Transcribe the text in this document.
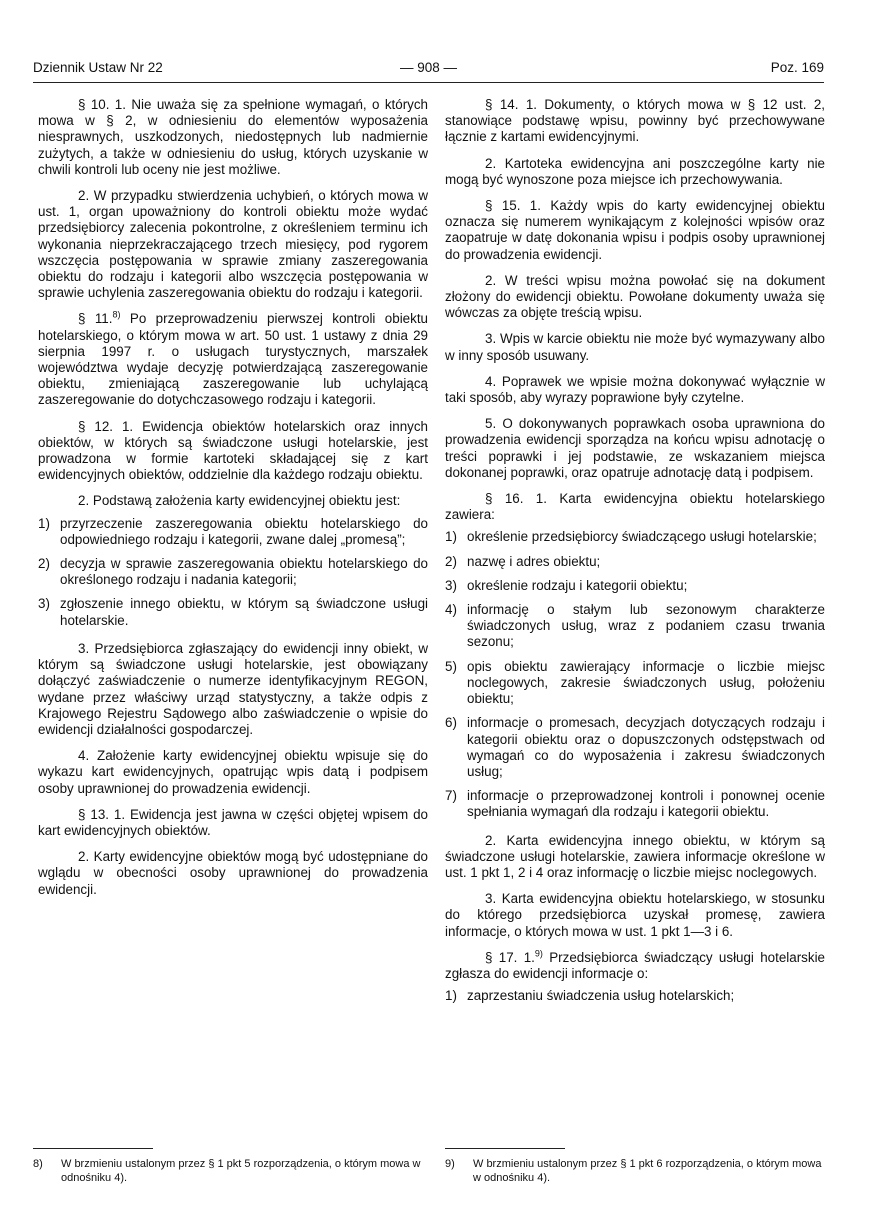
Dziennik Ustaw Nr 22	— 908 —	Poz. 169

§ 10. 1. Nie uważa się za spełnione wymagań, o których mowa w § 2, w odniesieniu do elementów wyposażenia niesprawnych, uszkodzonych, niedostępnych lub nadmiernie zużytych, a także w odniesieniu do usług, których uzyskanie w chwili kontroli lub oceny nie jest możliwe.

2. W przypadku stwierdzenia uchybień, o których mowa w ust. 1, organ upoważniony do kontroli obiektu może wydać przedsiębiorcy zalecenia pokontrolne, z określeniem terminu ich wykonania nieprzekraczającego trzech miesięcy, pod rygorem wszczęcia postępowania w sprawie zmiany zaszeregowania obiektu do rodzaju i kategorii albo wszczęcia postępowania w sprawie uchylenia zaszeregowania obiektu do rodzaju i kategorii.

§ 11.$^{8)}$ Po przeprowadzeniu pierwszej kontroli obiektu hotelarskiego, o którym mowa w art. 50 ust. 1 ustawy z dnia 29 sierpnia 1997 r. o usługach turystycznych, marszałek województwa wydaje decyzję potwierdzającą zaszeregowanie obiektu, zmieniającą zaszeregowanie lub uchylającą zaszeregowanie do dotychczasowego rodzaju i kategorii.

§ 12. 1. Ewidencja obiektów hotelarskich oraz innych obiektów, w których są świadczone usługi hotelarskie, jest prowadzona w formie kartoteki składającej się z kart ewidencyjnych obiektów, oddzielnie dla każdego rodzaju obiektu.

2. Podstawą założenia karty ewidencyjnej obiektu jest:

1) przyrzeczenie zaszeregowania obiektu hotelarskiego do odpowiedniego rodzaju i kategorii, zwane dalej „promesą”;
2) decyzja w sprawie zaszeregowania obiektu hotelarskiego do określonego rodzaju i nadania kategorii;
3) zgłoszenie innego obiektu, w którym są świadczone usługi hotelarskie.

3. Przedsiębiorca zgłaszający do ewidencji inny obiekt, w którym są świadczone usługi hotelarskie, jest obowiązany dołączyć zaświadczenie o numerze identyfikacyjnym REGON, wydane przez właściwy urząd statystyczny, a także odpis z Krajowego Rejestru Sądowego albo zaświadczenie o wpisie do ewidencji działalności gospodarczej.

4. Założenie karty ewidencyjnej obiektu wpisuje się do wykazu kart ewidencyjnych, opatrując wpis datą i podpisem osoby uprawnionej do prowadzenia ewidencji.

§ 13. 1. Ewidencja jest jawna w części objętej wpisem do kart ewidencyjnych obiektów.

2. Karty ewidencyjne obiektów mogą być udostępniane do wglądu w obecności osoby uprawnionej do prowadzenia ewidencji.

§ 14. 1. Dokumenty, o których mowa w § 12 ust. 2, stanowiące podstawę wpisu, powinny być przechowywane łącznie z kartami ewidencyjnymi.

2. Kartoteka ewidencyjna ani poszczególne karty nie mogą być wynoszone poza miejsce ich przechowywania.

§ 15. 1. Każdy wpis do karty ewidencyjnej obiektu oznacza się numerem wynikającym z kolejności wpisów oraz zaopatruje w datę dokonania wpisu i podpis osoby uprawnionej do prowadzenia ewidencji.

2. W treści wpisu można powołać się na dokument złożony do ewidencji obiektu. Powołane dokumenty uważa się wówczas za objęte treścią wpisu.

3. Wpis w karcie obiektu nie może być wymazywany albo w inny sposób usuwany.

4. Poprawek we wpisie można dokonywać wyłącznie w taki sposób, aby wyrazy poprawione były czytelne.

5. O dokonywanych poprawkach osoba uprawniona do prowadzenia ewidencji sporządza na końcu wpisu adnotację o treści poprawki i jej podstawie, ze wskazaniem miejsca dokonanej poprawki, oraz opatruje adnotację datą i podpisem.

§ 16. 1. Karta ewidencyjna obiektu hotelarskiego zawiera:

1) określenie przedsiębiorcy świadczącego usługi hotelarskie;
2) nazwę i adres obiektu;
3) określenie rodzaju i kategorii obiektu;
4) informację o stałym lub sezonowym charakterze świadczonych usług, wraz z podaniem czasu trwania sezonu;
5) opis obiektu zawierający informacje o liczbie miejsc noclegowych, zakresie świadczonych usług, położeniu obiektu;
6) informacje o promesach, decyzjach dotyczących rodzaju i kategorii obiektu oraz o dopuszczonych odstępstwach od wymagań co do wyposażenia i zakresu świadczonych usług;
7) informacje o przeprowadzonej kontroli i ponownej ocenie spełniania wymagań dla rodzaju i kategorii obiektu.

2. Karta ewidencyjna innego obiektu, w którym są świadczone usługi hotelarskie, zawiera informacje określone w ust. 1 pkt 1, 2 i 4 oraz informację o liczbie miejsc noclegowych.

3. Karta ewidencyjna obiektu hotelarskiego, w stosunku do którego przedsiębiorca uzyskał promesę, zawiera informacje, o których mowa w ust. 1 pkt 1—3 i 6.

§ 17. 1.$^{9)}$ Przedsiębiorca świadczący usługi hotelarskie zgłasza do ewidencji informacje o:

1) zaprzestaniu świadczenia usług hotelarskich;
8)	W brzmieniu ustalonym przez § 1 pkt 5 rozporządzenia, o którym mowa w odnośniku 4).
9)	W brzmieniu ustalonym przez § 1 pkt 6 rozporządzenia, o którym mowa w odnośniku 4).
